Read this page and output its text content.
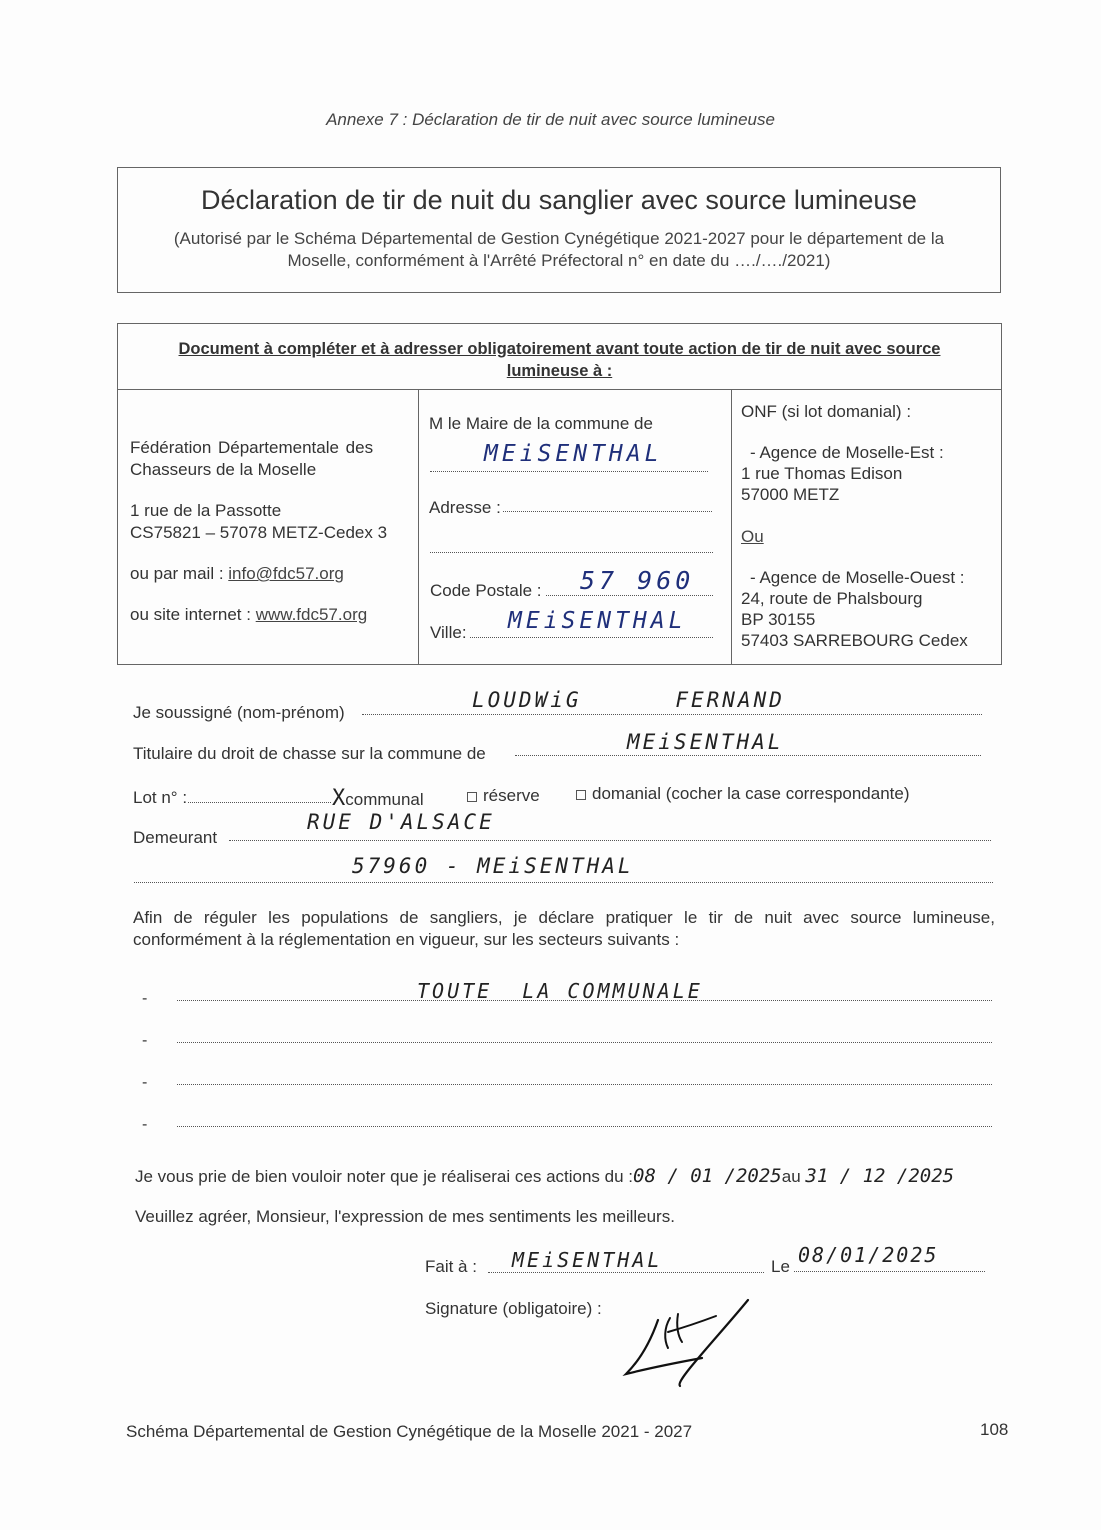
Annexe 7 : Déclaration de tir de nuit avec source lumineuse
Déclaration de tir de nuit du sanglier avec source lumineuse
(Autorisé par le Schéma Départemental de Gestion Cynégétique 2021-2027 pour le département de la
Moselle, conformément à l'Arrêté Préfectoral n° en date du …./…./2021)
Document à compléter et à adresser obligatoirement avant toute action de tir de nuit avec source
lumineuse à :
Fédération Départementale des
Chasseurs de la Moselle
1 rue de la Passotte
CS75821 – 57078 METZ-Cedex 3
ou par mail : info@fdc57.org
ou site internet : www.fdc57.org
M le Maire de la commune de
MEiSENTHAL
Adresse :
Code Postale : 57 960
Ville: MEiSENTHAL
ONF (si lot domanial) :
- Agence de Moselle-Est :
1 rue Thomas Edison
57000 METZ
Ou
- Agence de Moselle-Ouest :
24, route de Phalsbourg
BP 30155
57403 SARREBOURG Cedex
Je soussigné (nom-prénom)
LOUDWiG      FERNAND
Titulaire du droit de chasse sur la commune de	MEiSENTHAL
Lot n° :	Xcommunal	réserve	domanial (cocher la case correspondante)
Demeurant
RUE D'ALSACE
57960 - MEiSENTHAL
Afin de réguler les populations de sangliers, je déclare pratiquer le tir de nuit avec source lumineuse, conformément à la réglementation en vigueur, sur les secteurs suivants :
-	TOUTE  LA COMMUNALE
-
-
-
Je vous prie de bien vouloir noter que je réaliserai ces actions du :08 / 01 /2025au 31 / 12 /2025
Veuillez agréer, Monsieur, l'expression de mes sentiments les meilleurs.
Fait à : MEiSENTHAL	Le 08/01/2025
Signature (obligatoire) :
Schéma Départemental de Gestion Cynégétique de la Moselle 2021 - 2027	108
